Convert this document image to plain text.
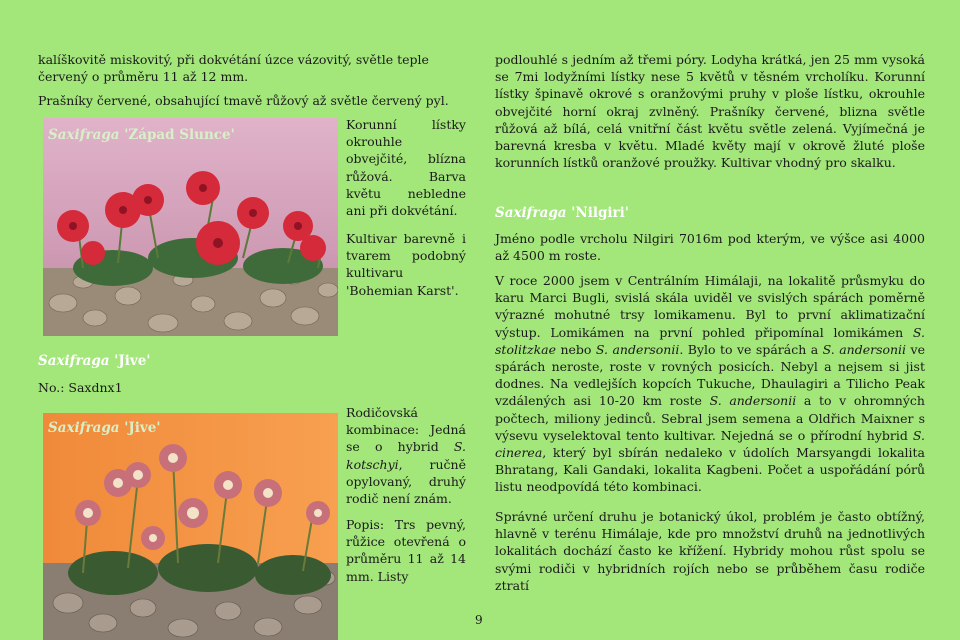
kalíškovitě miskovitý, při dokvétání úzce vázovitý, světle teple
červený o průměru 11 až 12 mm.

Prašníky červené, obsahující tmavě růžový až světle červený pyl.

Saxifraga 'Západ Slunce'

Korunní lístky okrouhle obvejčité, blízna růžová. Barva květu nebledne ani při dokvétání.

Kultivar barevně i tvarem podobný kultivaru 'Bohemian Karst'.

Saxifraga 'Jive'

No.: Saxdnx1

Saxifraga 'Jive'

Rodičovská kombinace: Jedná se o hybrid S. kotschyi, ručně opylovaný, druhý rodič není znám.

Popis: Trs pevný, růžice otevřená o průměru 11 až 14 mm. Listy

9

podlouhlé s jedním až třemi póry. Lodyha krátká, jen 25 mm vysoká se 7mi lodyžními lístky nese 5 květů v těsném vrcholíku. Korunní lístky špinavě okrové s oranžovými pruhy v ploše lístku, okrouhle obvejčité horní okraj zvlněný. Prašníky červené, blizna světle růžová až bílá, celá vnitřní část květu světle zelená. Vyjímečná je barevná kresba v květu. Mladé květy mají v okrově žluté ploše korunních lístků oranžové proužky. Kultivar vhodný pro skalku.

Saxifraga 'Nilgiri'

Jméno podle vrcholu Nilgiri 7016m pod kterým, ve výšce asi 4000 až 4500 m roste.

V roce 2000 jsem v Centrálním Himálaji, na lokalitě průsmyku do karu Marci Bugli, svislá skála uviděl ve svislých spárách poměrně výrazné mohutné trsy lomikamenu. Byl to první aklimatizační výstup. Lomikámen na první pohled připomínal lomikámen S. stolitzkae nebo S. andersonii. Bylo to ve spárách a S. andersonii ve spárách neroste, roste v rovných posicích. Nebyl a nejsem si jist dodnes. Na vedlejších kopcích Tukuche, Dhaulagiri a Tilicho Peak vzdálených asi 10-20 km roste S. andersonii a to v ohromných počtech, miliony jedinců. Sebral jsem semena a Oldřich Maixner s výsevu vyselektoval tento kultivar. Nejedná se o přírodní hybrid S. cinerea, který byl sbírán nedaleko v údolích Marsyangdi lokalita Bhratang, Kali Gandaki, lokalita Kagbeni. Počet a uspořádání pórů listu neodpovídá této kombinaci.

Správné určení druhu je botanický úkol, problém je často obtížný, hlavně v terénu Himálaje, kde pro množství druhů na jednotlivých lokalitách dochází často ke křížení. Hybridy mohou růst spolu se svými rodiči v hybridních rojích nebo se průběhem času rodiče ztratí
